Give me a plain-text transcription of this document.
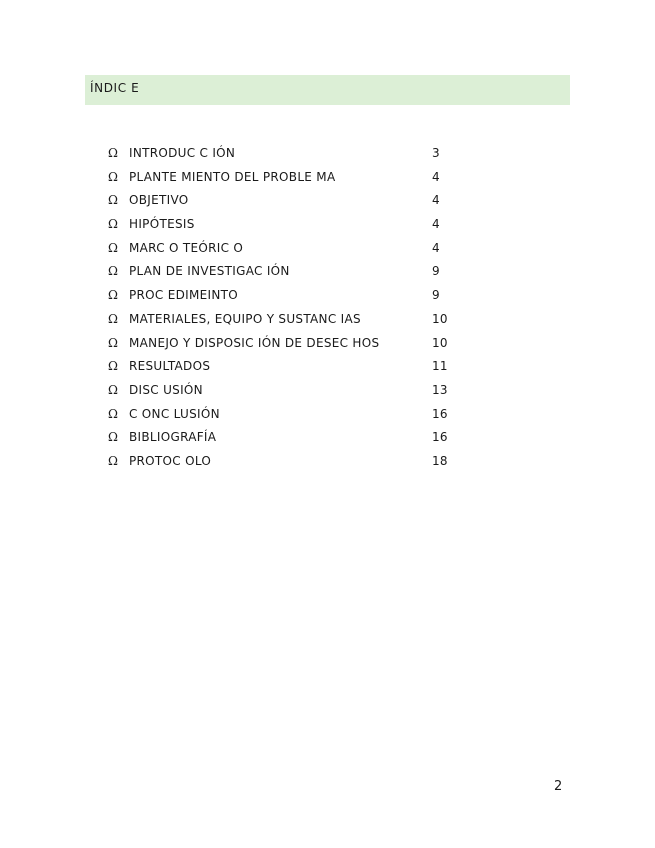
ÍNDIC E
Ω INTRODUC C IÓN	3
Ω PLANTE MIENTO DEL PROBLE MA	4
Ω OBJETIVO	4
Ω HIPÓTESIS	4
Ω MARC O TEÓRIC O	4
Ω PLAN DE INVESTIGAC IÓN	9
Ω PROC EDIMEINTO	9
Ω MATERIALES, EQUIPO Y SUSTANC IAS	10
Ω MANEJO Y DISPOSIC IÓN DE DESEC HOS	10
Ω RESULTADOS	11
Ω DISC USIÓN	13
Ω C ONC LUSIÓN	16
Ω BIBLIOGRAFÍA	16
Ω PROTOC OLO	18
2
